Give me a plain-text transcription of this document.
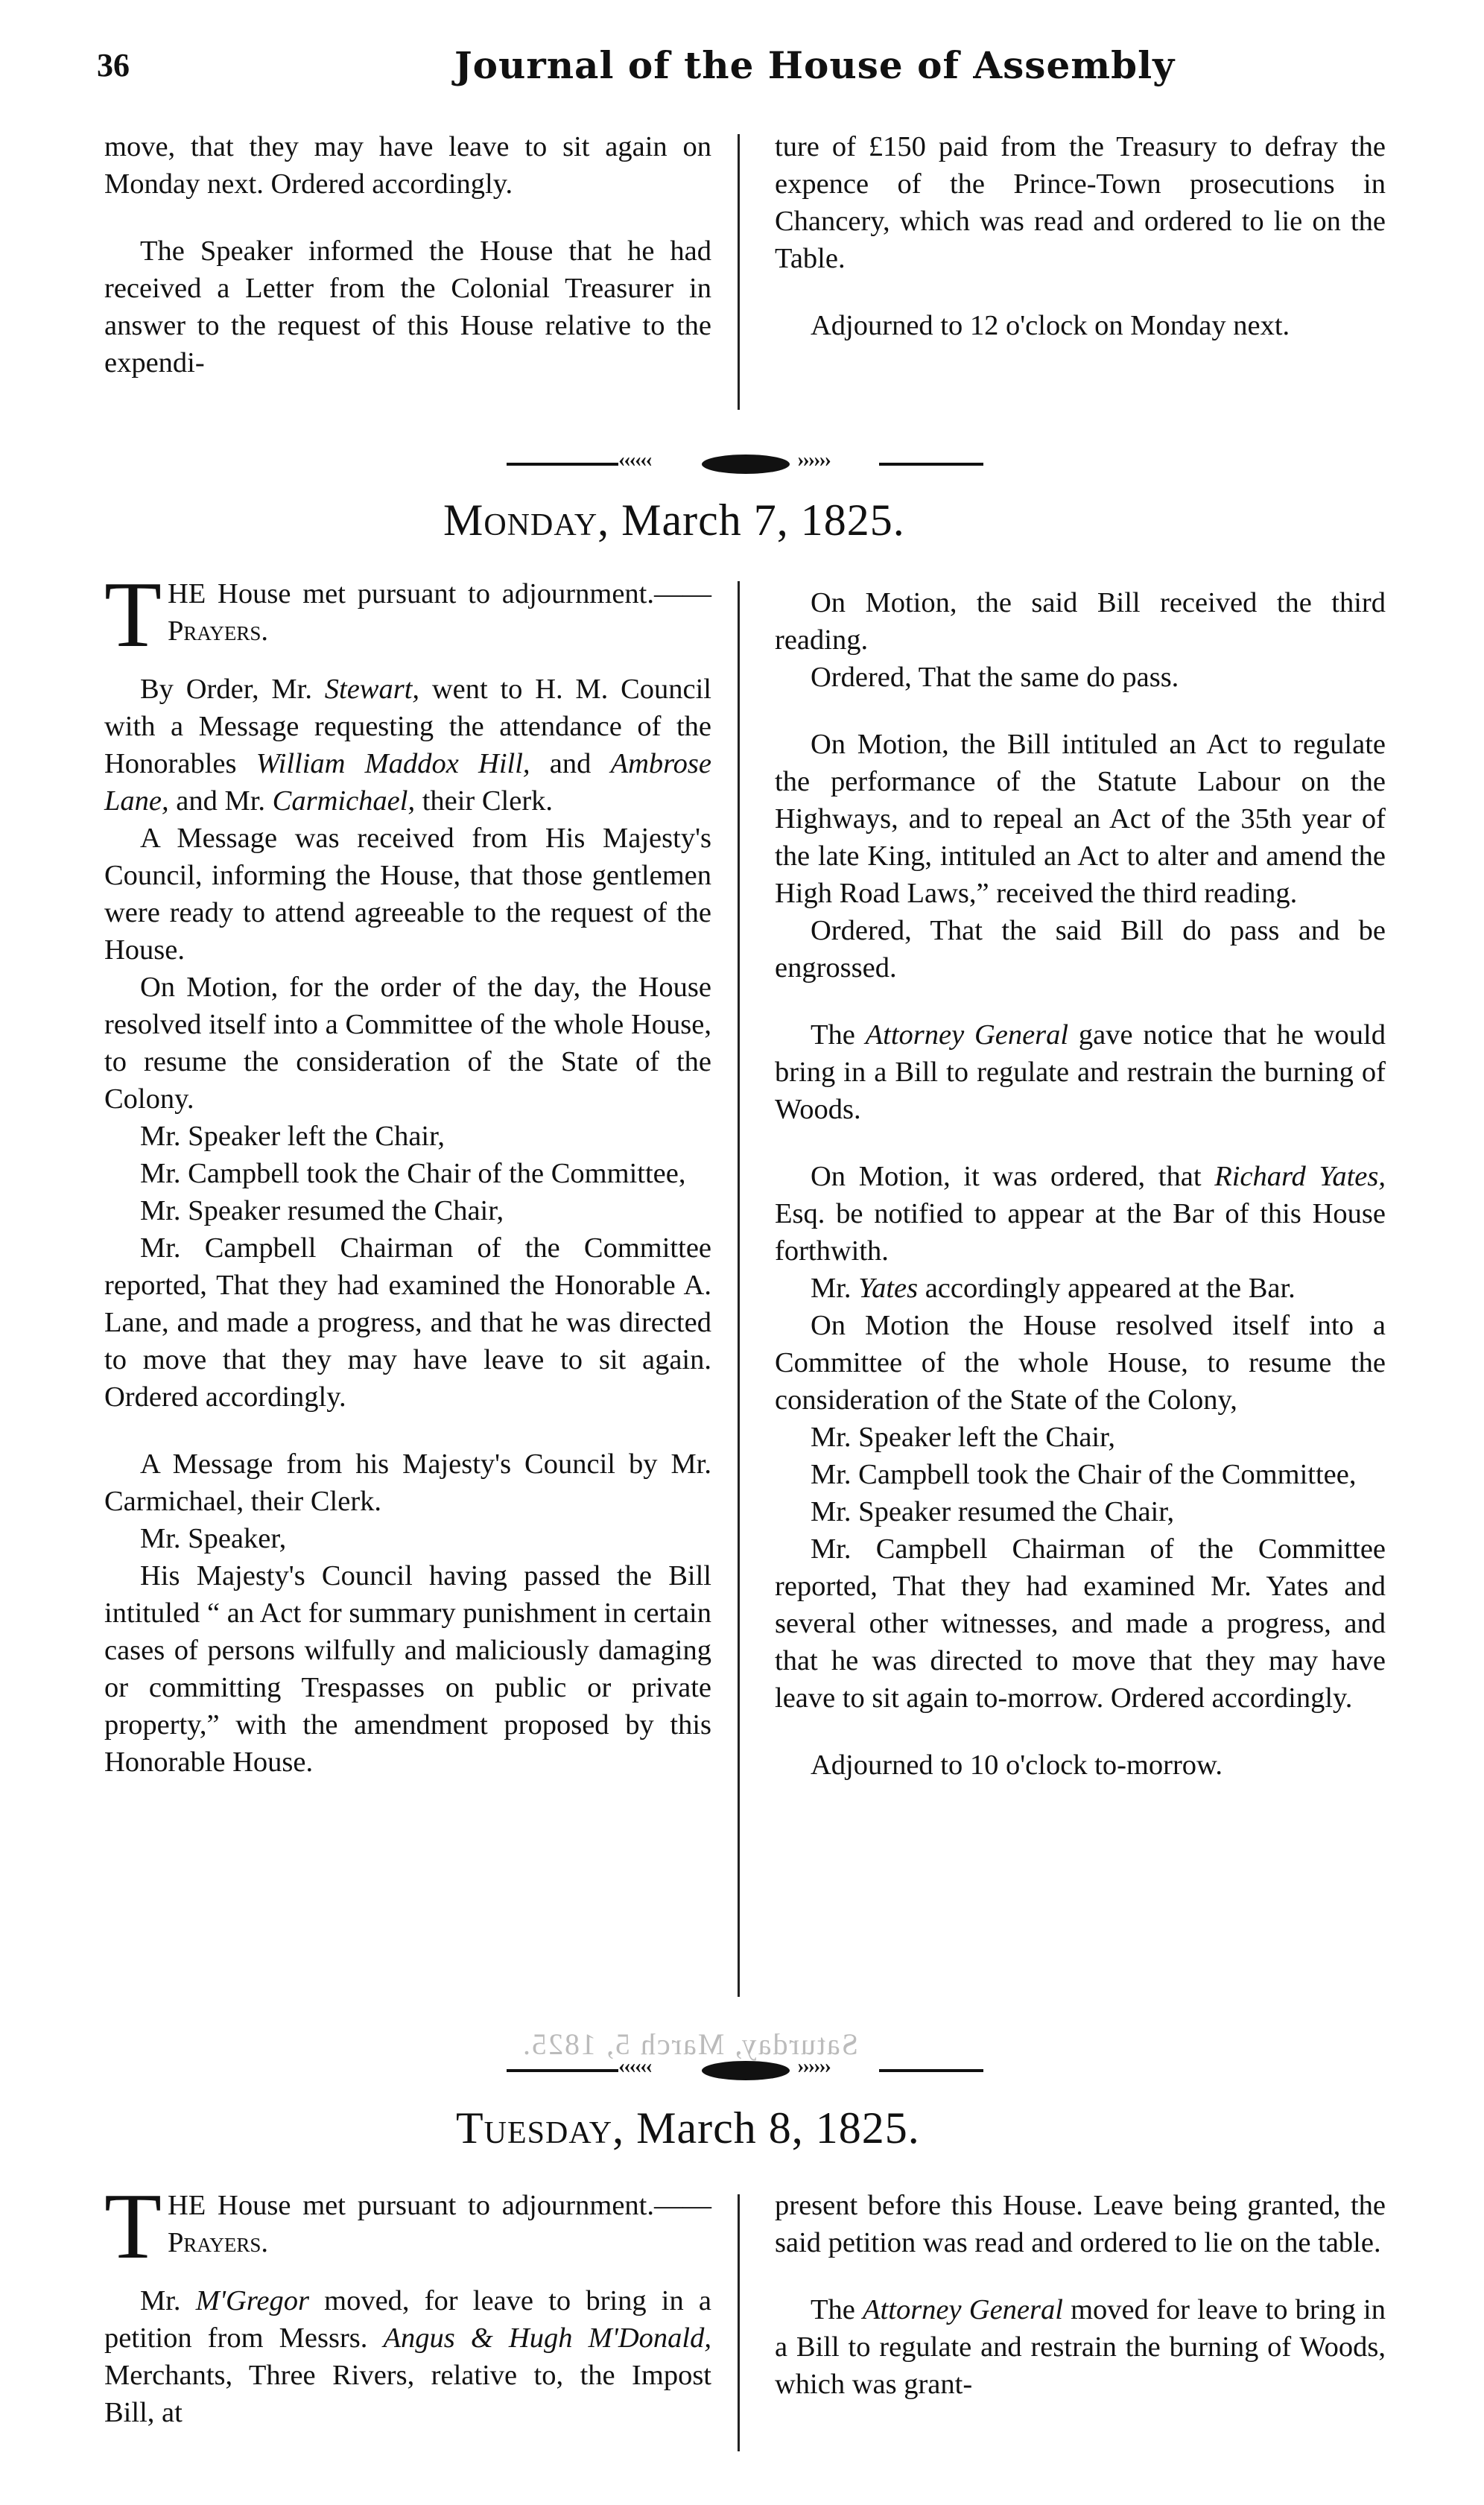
36	Journal of the House of Assembly

move, that they may have leave to sit again on Monday next. Ordered accordingly.

The Speaker informed the House that he had received a Letter from the Colonial Treasurer in answer to the request of this House relative to the expendi-

ture of £150 paid from the Treasury to defray the expence of the Prince-Town prosecutions in Chancery, which was read and ordered to lie on the Table.

Adjourned to 12 o'clock on Monday next.

‹‹‹‹‹‹	››››››
Monday, March 7, 1825.

THE House met pursuant to adjournment.——Prayers.

By Order, Mr. Stewart, went to H. M. Council with a Message requesting the attendance of the Honorables William Maddox Hill, and Ambrose Lane, and Mr. Carmichael, their Clerk.

A Message was received from His Majesty's Council, informing the House, that those gentlemen were ready to attend agreeable to the request of the House.

On Motion, for the order of the day, the House resolved itself into a Committee of the whole House, to resume the consideration of the State of the Colony.

Mr. Speaker left the Chair,

Mr. Campbell took the Chair of the Committee,

Mr. Speaker resumed the Chair,

Mr. Campbell Chairman of the Committee reported, That they had examined the Honorable A. Lane, and made a progress, and that he was directed to move that they may have leave to sit again. Ordered accordingly.

A Message from his Majesty's Council by Mr. Carmichael, their Clerk.

Mr. Speaker,

His Majesty's Council having passed the Bill intituled “ an Act for summary punishment in certain cases of persons wilfully and maliciously damaging or committing Trespasses on public or private property,” with the amendment proposed by this Honorable House.

On Motion, the said Bill received the third reading.

Ordered, That the same do pass.

On Motion, the Bill intituled an Act to regulate the performance of the Statute Labour on the Highways, and to repeal an Act of the 35th year of the late King, intituled an Act to alter and amend the High Road Laws,” received the third reading.

Ordered, That the said Bill do pass and be engrossed.

The Attorney General gave notice that he would bring in a Bill to regulate and restrain the burning of Woods.

On Motion, it was ordered, that Richard Yates, Esq. be notified to appear at the Bar of this House forthwith.

Mr. Yates accordingly appeared at the Bar.

On Motion the House resolved itself into a Committee of the whole House, to resume the consideration of the State of the Colony,

Mr. Speaker left the Chair,

Mr. Campbell took the Chair of the Committee,

Mr. Speaker resumed the Chair,

Mr. Campbell Chairman of the Committee reported, That they had examined Mr. Yates and several other witnesses, and made a progress, and that he was directed to move that they may have leave to sit again to-morrow. Ordered accordingly.

Adjourned to 10 o'clock to-morrow.

‹‹‹‹‹‹	››››››
Saturday, March 5, 1825.
Tuesday, March 8, 1825.

THE House met pursuant to adjournment.——Prayers.

Mr. M'Gregor moved, for leave to bring in a petition from Messrs. Angus & Hugh M'Donald, Merchants, Three Rivers, relative to, the Impost Bill, at

present before this House. Leave being granted, the said petition was read and ordered to lie on the table.

The Attorney General moved for leave to bring in a Bill to regulate and restrain the burning of Woods, which was grant-
